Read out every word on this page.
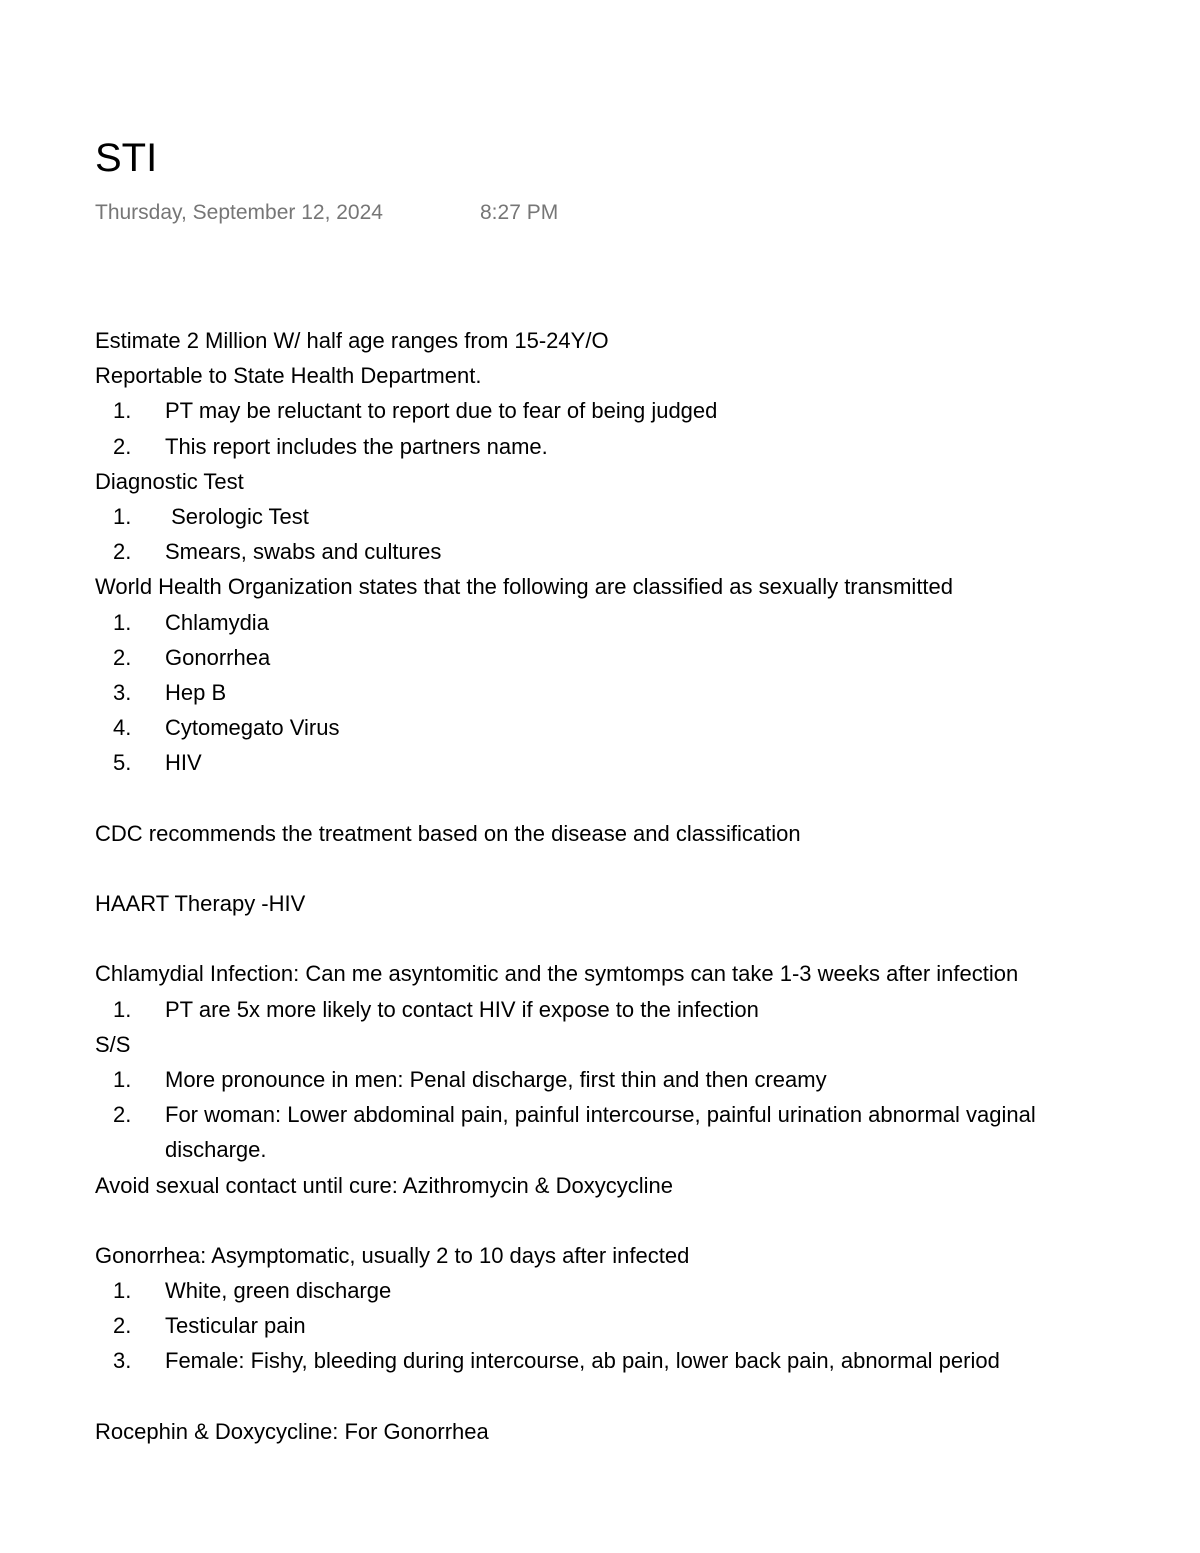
STI
Thursday, September 12, 2024	8:27 PM
Estimate 2 Million W/ half age ranges from 15-24Y/O
Reportable to State Health Department.
1.	PT may be reluctant to report due to fear of being judged
2.	This report includes the partners name.
Diagnostic Test
1.	Serologic Test
2.	Smears, swabs and cultures
World Health Organization states that the following are classified as sexually transmitted
1.	Chlamydia
2.	Gonorrhea
3.	Hep B
4.	Cytomegato Virus
5.	HIV
CDC recommends the treatment based on the disease and classification
HAART Therapy -HIV
Chlamydial Infection: Can me asyntomitic and the symtomps can take 1-3 weeks after infection
1.	PT are 5x more likely to contact HIV if expose to the infection
S/S
1.	More pronounce in men: Penal discharge, first thin and then creamy
2.	For woman: Lower abdominal pain, painful intercourse, painful urination abnormal vaginal
discharge.
Avoid sexual contact until cure: Azithromycin & Doxycycline
Gonorrhea: Asymptomatic, usually 2 to 10 days after infected
1.	White, green discharge
2.	Testicular pain
3.	Female: Fishy, bleeding during intercourse, ab pain, lower back pain, abnormal period
Rocephin & Doxycycline: For Gonorrhea
